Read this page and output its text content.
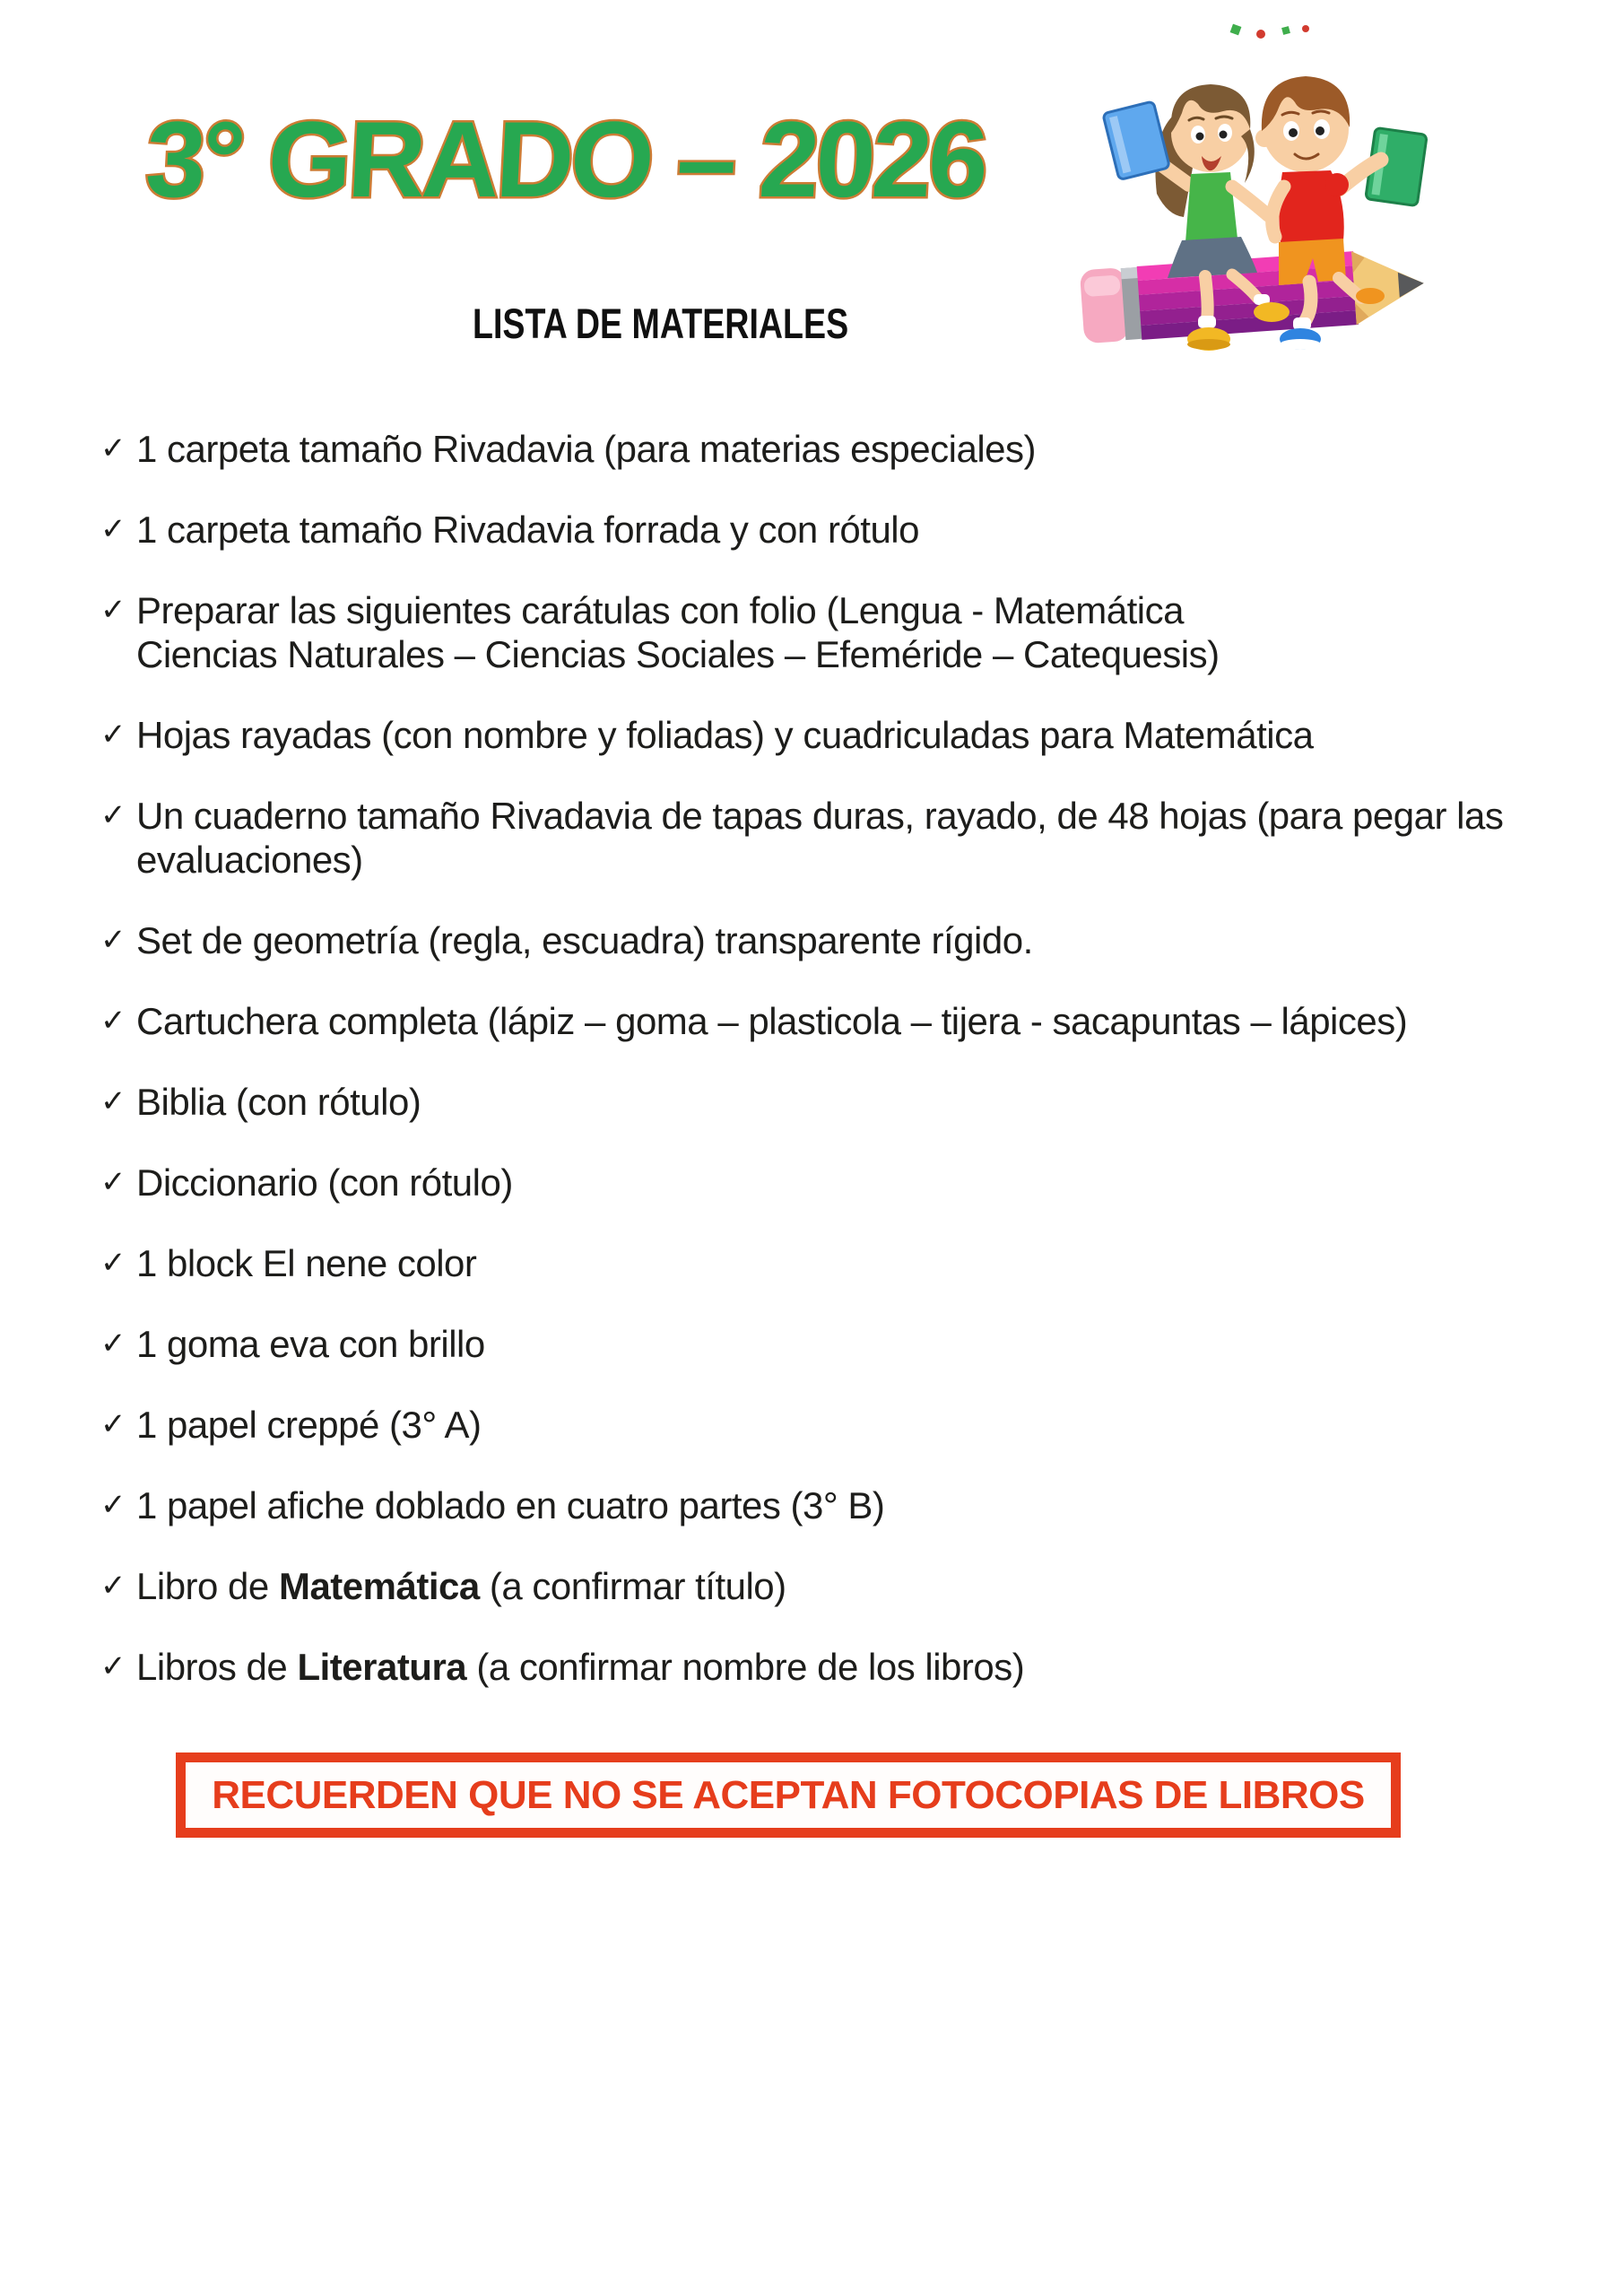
3° GRADO – 2026
LISTA DE MATERIALES
✓ 1 carpeta tamaño Rivadavia (para materias especiales)
✓ 1 carpeta tamaño Rivadavia forrada y con rótulo
✓ Preparar las siguientes carátulas con folio (Lengua - Matemática
Ciencias Naturales – Ciencias Sociales – Efeméride – Catequesis)
✓ Hojas rayadas (con nombre y foliadas) y cuadriculadas para Matemática
✓ Un cuaderno tamaño Rivadavia de tapas duras, rayado, de 48 hojas (para pegar las
evaluaciones)
✓ Set de geometría (regla, escuadra) transparente rígido.
✓ Cartuchera completa (lápiz – goma – plasticola – tijera - sacapuntas – lápices)
✓ Biblia (con rótulo)
✓ Diccionario (con rótulo)
✓ 1 block El nene color
✓ 1 goma eva con brillo
✓ 1 papel creppé (3° A)
✓ 1 papel afiche doblado en cuatro partes (3° B)
✓ Libro de Matemática (a confirmar título)
✓ Libros de Literatura (a confirmar nombre de los libros)
RECUERDEN QUE NO SE ACEPTAN FOTOCOPIAS DE LIBROS
